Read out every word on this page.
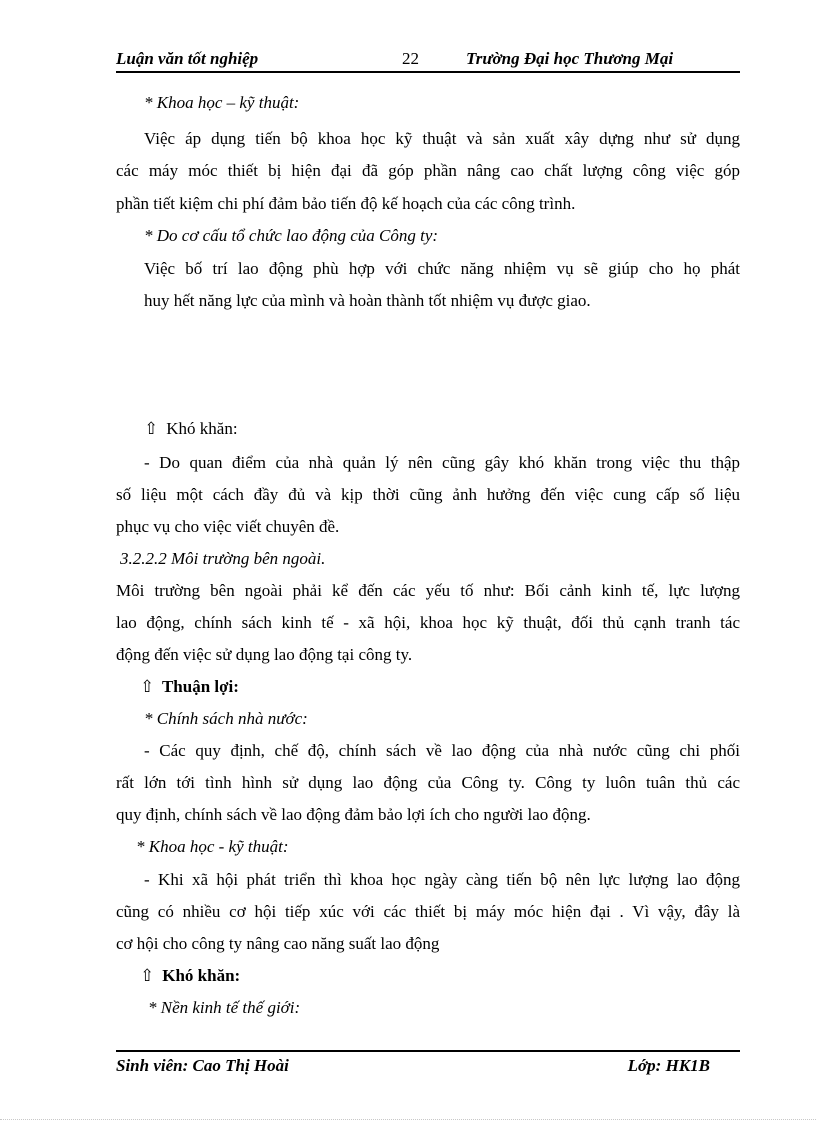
Luận văn tốt nghiệp	22	Trường Đại học Thương Mại
* Khoa học – kỹ thuật:
Việc áp dụng tiến bộ khoa học kỹ thuật và sản xuất xây dựng như sử dụng
các máy móc thiết bị hiện đại đã góp phần nâng cao chất lượng công việc góp
phần tiết kiệm chi phí đảm bảo tiến độ kế hoạch của các công trình.
* Do cơ cấu tổ chức lao động của Công ty:
Việc bố trí lao động phù hợp với chức năng nhiệm vụ sẽ giúp cho họ phát
huy hết năng lực của mình và hoàn thành tốt nhiệm vụ được giao.
⇧ Khó khăn:
- Do quan điểm của nhà quản lý nên cũng gây khó khăn trong việc thu thập
số liệu một cách đầy đủ và kịp thời cũng ảnh hưởng đến việc cung cấp số liệu
phục vụ cho việc viết chuyên đề.
3.2.2.2 Môi trường bên ngoài.
Môi trường bên ngoài phải kể đến các yếu tố như: Bối cảnh kinh tế, lực lượng
lao động, chính sách kinh tế - xã hội, khoa học kỹ thuật, đối thủ cạnh tranh tác
động đến việc sử dụng lao động tại công ty.
⇧ Thuận lợi:
* Chính sách nhà nước:
- Các quy định, chế độ, chính sách về lao động của nhà nước cũng chi phối
rất lớn tới tình hình sử dụng lao động của Công ty. Công ty luôn tuân thủ các
quy định, chính sách về lao động đảm bảo lợi ích cho người lao động.
* Khoa học - kỹ thuật:
- Khi xã hội phát triển thì khoa học ngày càng tiến bộ nên lực lượng lao động
cũng có nhiều cơ hội tiếp xúc với các thiết bị máy móc hiện đại . Vì vậy, đây là
cơ hội cho công ty nâng cao năng suất lao động
⇧ Khó khăn:
* Nền kinh tế thế giới:
Sinh viên: Cao Thị Hoài	Lớp: HK1B
